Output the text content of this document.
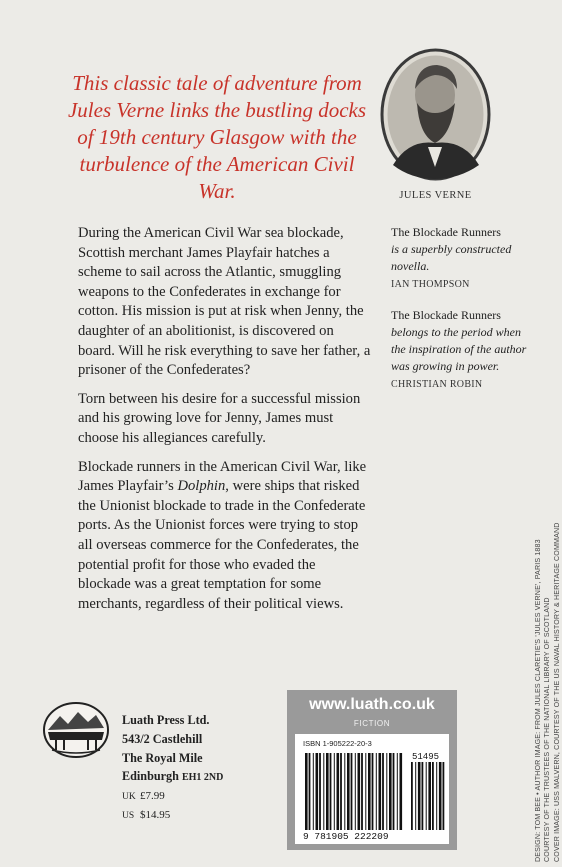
This classic tale of adventure from Jules Verne links the bustling docks of 19th century Glasgow with the turbulence of the American Civil War.	JULES VERNE

During the American Civil War sea blockade, Scottish merchant James Playfair hatches a scheme to sail across the Atlantic, smuggling weapons to the Confederates in exchange for cotton. His mission is put at risk when Jenny, the daughter of an abolitionist, is discovered on board. Will he risk everything to save her father, a prisoner of the Confederates?

Torn between his desire for a successful mission and his growing love for Jenny, James must choose his allegiances carefully.

Blockade runners in the American Civil War, like James Playfair’s Dolphin, were ships that risked the Unionist blockade to trade in the Confederate ports. As the Unionist forces were trying to stop all overseas commerce for the Confederates, the potential profit for those who evaded the blockade was a great temptation for some merchants, regardless of their political views.

The Blockade Runners
is a superbly constructed novella.
IAN THOMPSON
The Blockade Runners
belongs to the period when the inspiration of the author was growing in power.
CHRISTIAN ROBIN
DESIGN: TOM BEE • AUTHOR IMAGE: FROM JULES CLARETIE'S 'JULES VERNE', PARIS 1883 COURTESY OF THE TRUSTEES OF THE NATIONAL LIBRARY OF SCOTLAND COVER IMAGE: USS MALVERN, COURTESY OF THE US NAVAL HISTORY & HERITAGE COMMAND
Luath Press Ltd.
543/2 Castlehill
The Royal Mile
Edinburgh EH1 2ND
UK £7.99
US $14.95
www.luath.co.uk
FICTION
ISBN 1-905222-20-3
9 781905 222209
51495
